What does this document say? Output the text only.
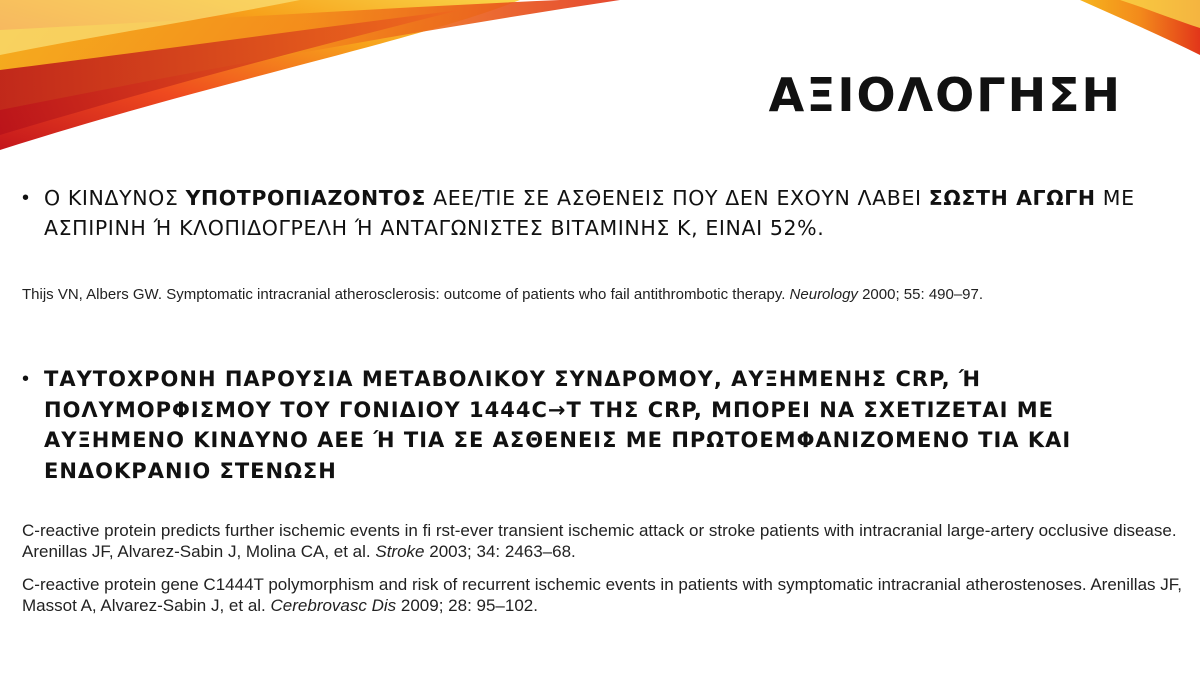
ΑΞΙΟΛΟΓΗΣΗ
• Ο ΚΙΝΔΥΝΟΣ ΥΠΟΤΡΟΠΙΑΖΟΝΤΟΣ ΑΕΕ/ΤΙΕ ΣΕ ΑΣΘΕΝΕΙΣ ΠΟΥ ΔΕΝ ΕΧΟΥΝ ΛΑΒΕΙ ΣΩΣΤΗ ΑΓΩΓΗ ΜΕ ΑΣΠΙΡΙΝΗ Ή ΚΛΟΠΙΔΟΓΡΕΛΗ Ή ΑΝΤΑΓΩΝΙΣΤΕΣ ΒΙΤΑΜΙΝΗΣ Κ, ΕΙΝΑΙ 52%.
Thijs VN, Albers GW. Symptomatic intracranial atherosclerosis: outcome of patients who fail antithrombotic therapy. Neurology 2000; 55: 490–97.
• ΤΑΥΤΟΧΡΟΝΗ ΠΑΡΟΥΣΙΑ ΜΕΤΑΒΟΛΙΚΟΥ ΣΥΝΔΡΟΜΟΥ, ΑΥΞΗΜΕΝΗΣ CRP, Ή ΠΟΛΥΜΟΡΦΙΣΜΟΥ ΤΟΥ ΓΟΝΙΔΙΟΥ 1444C→T ΤΗΣ CRP, ΜΠΟΡΕΙ ΝΑ ΣΧΕΤΙΖΕΤΑΙ ΜΕ ΑΥΞΗΜΕΝΟ ΚΙΝΔΥΝΟ ΑΕΕ Ή ΤΙΑ ΣΕ ΑΣΘΕΝΕΙΣ ΜΕ ΠΡΩΤΟΕΜΦΑΝΙΖΟΜΕΝΟ ΤΙΑ ΚΑΙ ΕΝΔΟΚΡΑΝΙΟ ΣΤΕΝΩΣΗ
C-reactive protein predicts further ischemic events in fi rst-ever transient ischemic attack or stroke patients with intracranial large-artery occlusive disease. Arenillas JF, Alvarez-Sabin J, Molina CA, et al. Stroke 2003; 34: 2463–68.
C-reactive protein gene C1444T polymorphism and risk of recurrent ischemic events in patients with symptomatic intracranial atherostenoses. Arenillas JF, Massot A, Alvarez-Sabin J, et al. Cerebrovasc Dis 2009; 28: 95–102.
